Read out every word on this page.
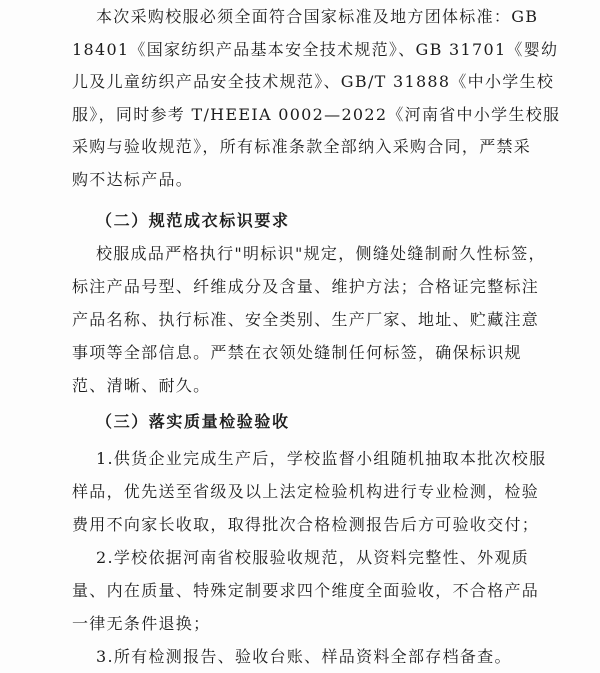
本次采购校服必须全面符合国家标准及地方团体标准：GB
18401《国家纺织产品基本安全技术规范》、GB 31701《婴幼
儿及儿童纺织产品安全技术规范》、GB/T 31888《中小学生校
服》，同时参考 T/HEEIA 0002—2022《河南省中小学生校服
采购与验收规范》，所有标准条款全部纳入采购合同，严禁采
购不达标产品。
（二）规范成衣标识要求
校服成品严格执行"明标识"规定，侧缝处缝制耐久性标签，
标注产品号型、纤维成分及含量、维护方法；合格证完整标注
产品名称、执行标准、安全类别、生产厂家、地址、贮藏注意
事项等全部信息。严禁在衣领处缝制任何标签，确保标识规
范、清晰、耐久。
（三）落实质量检验验收
1.供货企业完成生产后，学校监督小组随机抽取本批次校服
样品，优先送至省级及以上法定检验机构进行专业检测，检验
费用不向家长收取，取得批次合格检测报告后方可验收交付；
2.学校依据河南省校服验收规范，从资料完整性、外观质
量、内在质量、特殊定制要求四个维度全面验收，不合格产品
一律无条件退换；
3.所有检测报告、验收台账、样品资料全部存档备查。
